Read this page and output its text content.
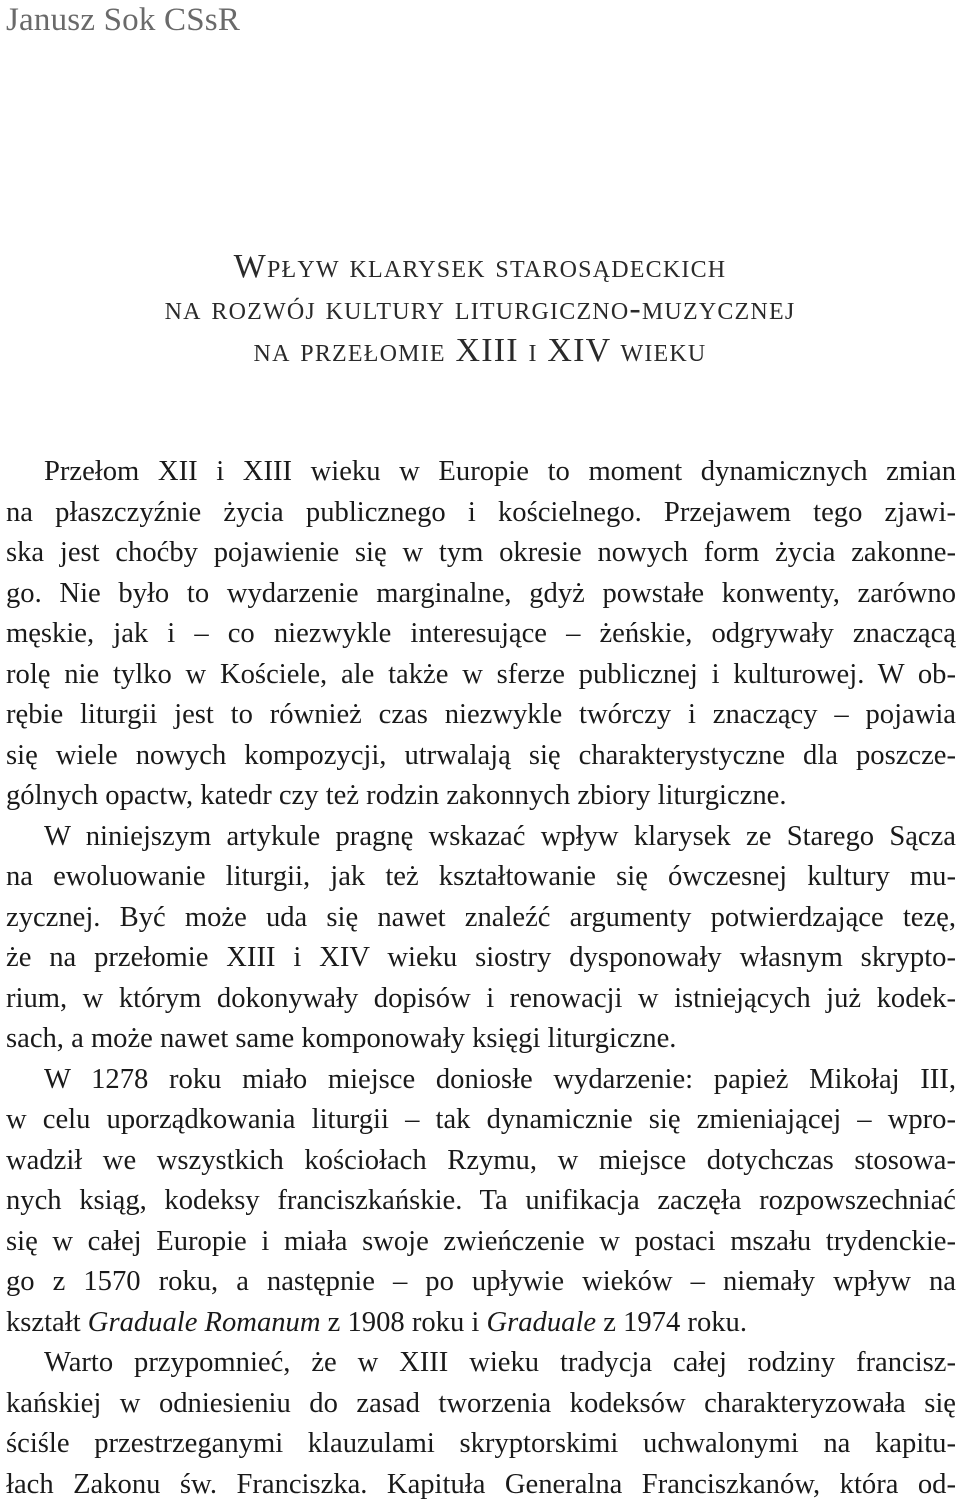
Janusz Sok CSsR
Wpływ klarysek starosądeckich
na rozwój kultury liturgiczno-muzycznej
na przełomie XIII i XIV wieku
Przełom XII i XIII wieku w Europie to moment dynamicznych zmian
na płaszczyźnie życia publicznego i kościelnego. Przejawem tego zjawi-
ska jest choćby pojawienie się w tym okresie nowych form życia zakonne-
go. Nie było to wydarzenie marginalne, gdyż powstałe konwenty, zarówno
męskie, jak i – co niezwykle interesujące – żeńskie, odgrywały znaczącą
rolę nie tylko w Kościele, ale także w sferze publicznej i kulturowej. W ob-
rębie liturgii jest to również czas niezwykle twórczy i znaczący – pojawia
się wiele nowych kompozycji, utrwalają się charakterystyczne dla poszcze-
gólnych opactw, katedr czy też rodzin zakonnych zbiory liturgiczne.
W niniejszym artykule pragnę wskazać wpływ klarysek ze Starego Sącza
na ewoluowanie liturgii, jak też kształtowanie się ówczesnej kultury mu-
zycznej. Być może uda się nawet znaleźć argumenty potwierdzające tezę,
że na przełomie XIII i XIV wieku siostry dysponowały własnym skrypto-
rium, w którym dokonywały dopisów i renowacji w istniejących już kodek-
sach, a może nawet same komponowały księgi liturgiczne.
W 1278 roku miało miejsce doniosłe wydarzenie: papież Mikołaj III,
w celu uporządkowania liturgii – tak dynamicznie się zmieniającej – wpro-
wadził we wszystkich kościołach Rzymu, w miejsce dotychczas stosowa-
nych ksiąg, kodeksy franciszkańskie. Ta unifikacja zaczęła rozpowszechniać
się w całej Europie i miała swoje zwieńczenie w postaci mszału trydenckie-
go z 1570 roku, a następnie – po upływie wieków – niemały wpływ na
kształt Graduale Romanum z 1908 roku i Graduale z 1974 roku.
Warto przypomnieć, że w XIII wieku tradycja całej rodziny francisz-
kańskiej w odniesieniu do zasad tworzenia kodeksów charakteryzowała się
ściśle przestrzeganymi klauzulami skryptorskimi uchwalonymi na kapitu-
łach Zakonu św. Franciszka. Kapituła Generalna Franciszkanów, która od-
